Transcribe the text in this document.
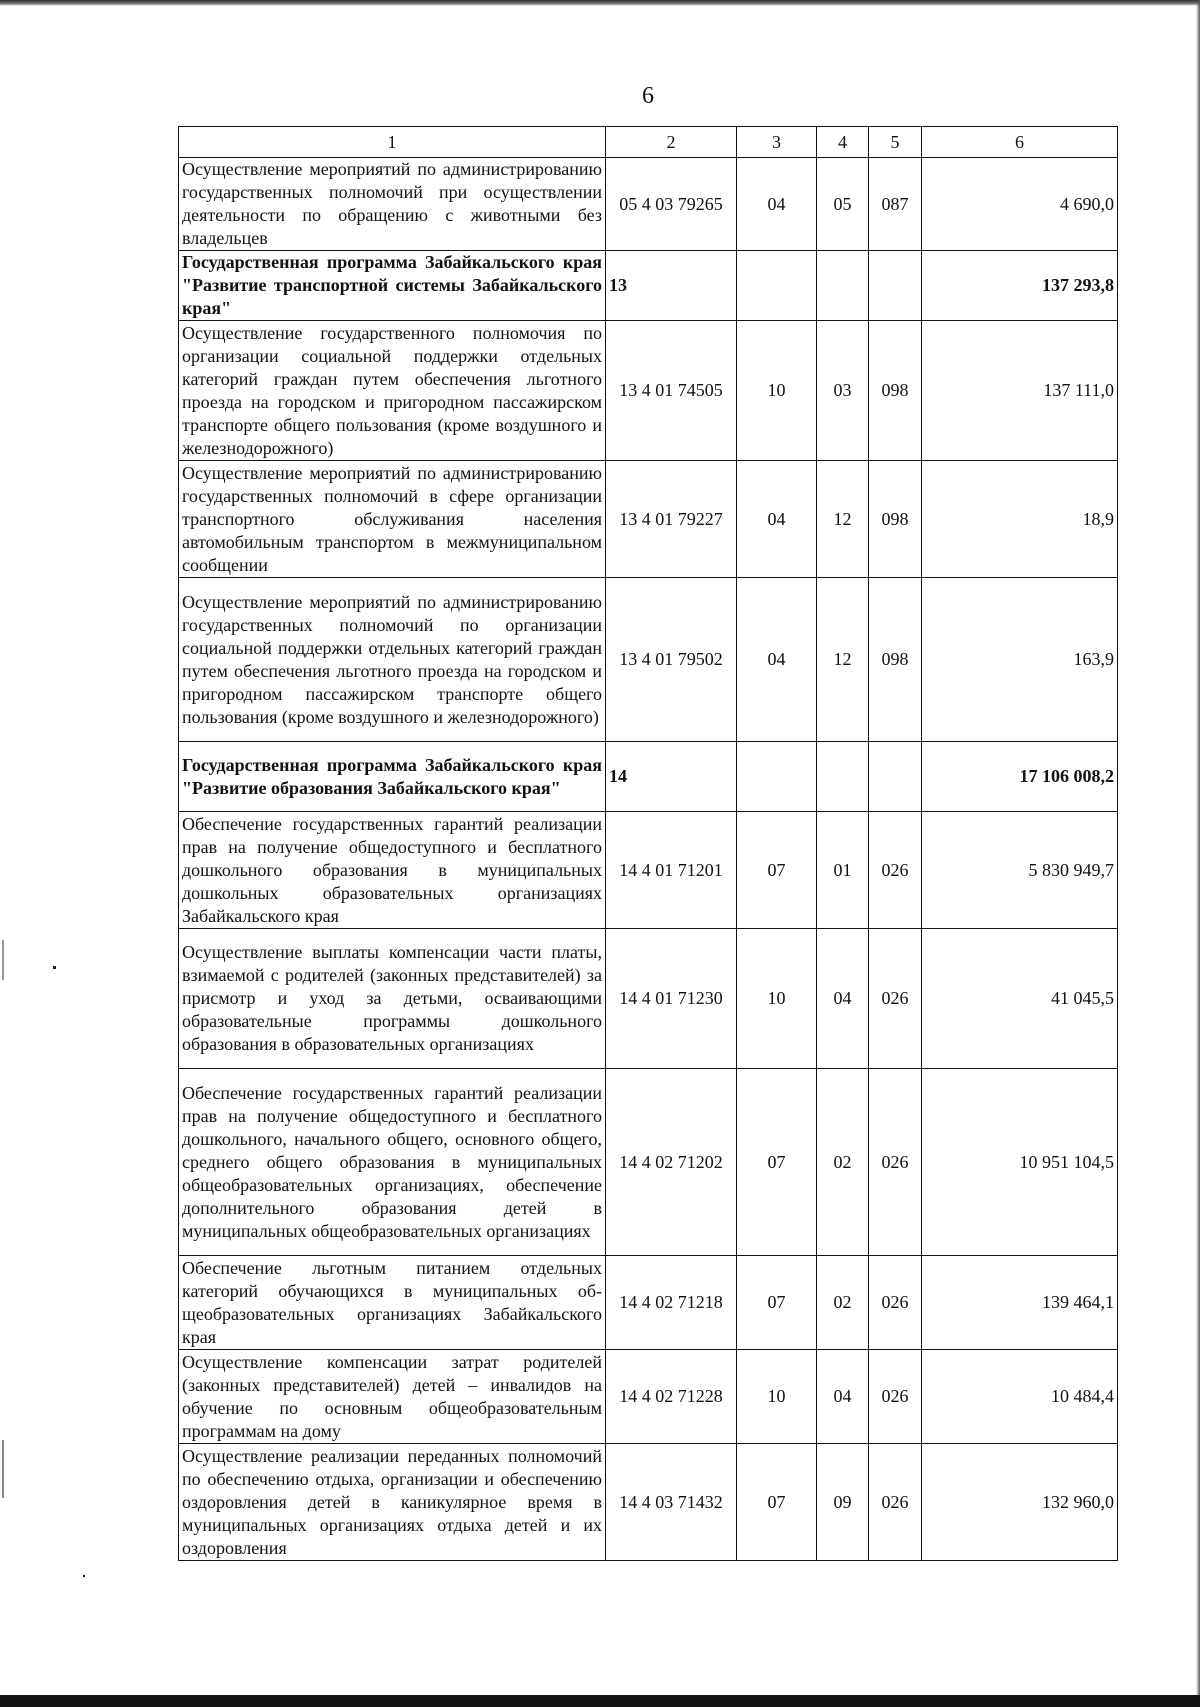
6
1	2	3	4	5	6
Осуществление мероприятий по администрированию государственных полномочий при осуществлении деятельности по обращению с животными без владельцев	05 4 03 79265	04	05	087	4 690,0
Государственная программа Забайкальского края "Развитие транспортной системы Забайкальского края"	13				137 293,8
Осуществление государственного полномочия по организации социальной поддержки отдельных категорий граждан путем обеспечения льготного проезда на городском и пригородном пассажирском транспорте общего пользования (кроме воздушного и железнодорожного)	13 4 01 74505	10	03	098	137 111,0
Осуществление мероприятий по администрированию государственных полномочий в сфере организации транспортного обслуживания населения автомобильным транспортом в межмуниципальном сообщении	13 4 01 79227	04	12	098	18,9
Осуществление мероприятий по администрированию государственных полномочий по организации социальной поддержки отдельных категорий граждан путем обеспечения льготного проезда на городском и пригородном пассажирском транспорте общего пользования (кроме воздушного и железнодорожного)	13 4 01 79502	04	12	098	163,9
Государственная программа Забайкальского края "Развитие образования Забайкальского края"	14				17 106 008,2
Обеспечение государственных гарантий реализации прав на получение общедоступного и бесплатного дошкольного образования в муниципальных дошкольных образовательных организациях Забайкальского края	14 4 01 71201	07	01	026	5 830 949,7
Осуществление выплаты компенсации части платы, взимаемой с родителей (законных представителей) за присмотр и уход за детьми, осваивающими образовательные программы дошкольного образования в образовательных организациях	14 4 01 71230	10	04	026	41 045,5
Обеспечение государственных гарантий реализации прав на получение общедоступного и бесплатного дошкольного, начального общего, основного общего, среднего общего образования в муниципальных общеобразовательных организациях, обеспечение дополнительного образования детей в муниципальных общеобразовательных организациях	14 4 02 71202	07	02	026	10 951 104,5
Обеспечение льготным питанием отдельных категорий обучающихся в муниципальных общеобразовательных организациях Забайкальского края	14 4 02 71218	07	02	026	139 464,1
Осуществление компенсации затрат родителей (законных представителей) детей – инвалидов на обучение по основным общеобразовательным программам на дому	14 4 02 71228	10	04	026	10 484,4
Осуществление реализации переданных полномочий по обеспечению отдыха, организации и обеспечению оздоровления детей в каникулярное время в муниципальных организациях отдыха детей и их оздоровления	14 4 03 71432	07	09	026	132 960,0
